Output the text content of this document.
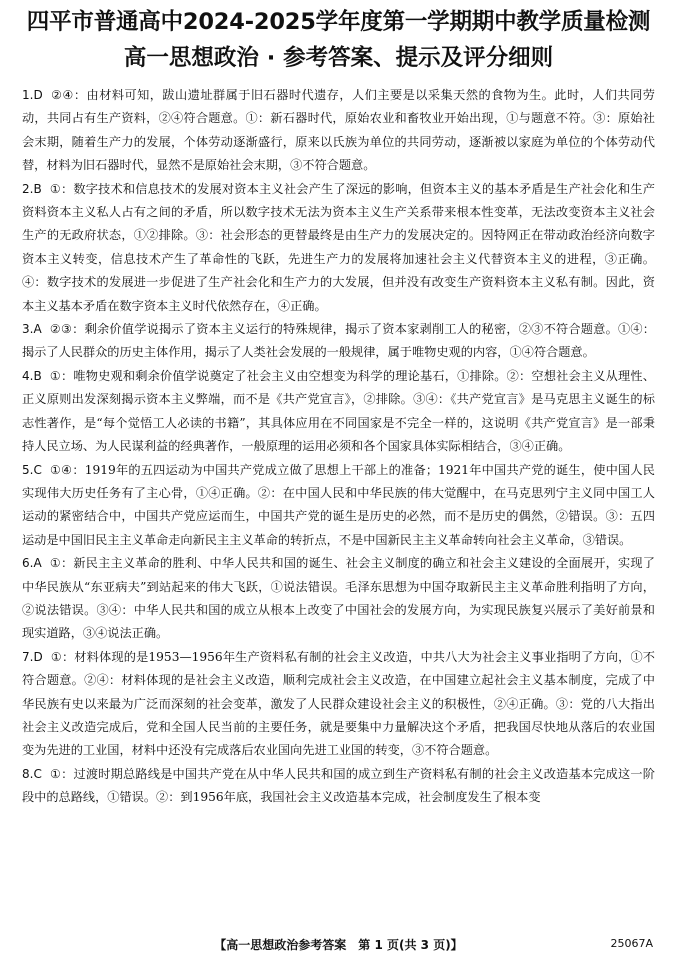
四平市普通高中2024-2025学年度第一学期期中教学质量检测
高一思想政治 · 参考答案、提示及评分细则

1.D ②④：由材料可知，跋山遗址群属于旧石器时代遗存，人们主要是以采集天然的食物为生。此时，人们共同劳动，共同占有生产资料，②④符合题意。①：新石器时代，原始农业和畜牧业开始出现，①与题意不符。③：原始社会末期，随着生产力的发展，个体劳动逐渐盛行，原来以氏族为单位的共同劳动，逐渐被以家庭为单位的个体劳动代替，材料为旧石器时代，显然不是原始社会末期，③不符合题意。

2.B ①：数字技术和信息技术的发展对资本主义社会产生了深远的影响，但资本主义的基本矛盾是生产社会化和生产资料资本主义私人占有之间的矛盾，所以数字技术无法为资本主义生产关系带来根本性变革，无法改变资本主义社会生产的无政府状态，①②排除。③：社会形态的更替最终是由生产力的发展决定的。因特网正在带动政治经济向数字资本主义转变，信息技术产生了革命性的飞跃，先进生产力的发展将加速社会主义代替资本主义的进程，③正确。④：数字技术的发展进一步促进了生产社会化和生产力的大发展，但并没有改变生产资料资本主义私有制。因此，资本主义基本矛盾在数字资本主义时代依然存在，④正确。

3.A ②③：剩余价值学说揭示了资本主义运行的特殊规律，揭示了资本家剥削工人的秘密，②③不符合题意。①④：揭示了人民群众的历史主体作用，揭示了人类社会发展的一般规律，属于唯物史观的内容，①④符合题意。

4.B ①：唯物史观和剩余价值学说奠定了社会主义由空想变为科学的理论基石，①排除。②：空想社会主义从理性、正义原则出发深刻揭示资本主义弊端，而不是《共产党宣言》，②排除。③④：《共产党宣言》是马克思主义诞生的标志性著作，是“每个觉悟工人必读的书籍”，其具体应用在不同国家是不完全一样的，这说明《共产党宣言》是一部秉持人民立场、为人民谋利益的经典著作，一般原理的运用必须和各个国家具体实际相结合，③④正确。

5.C ①④：1919年的五四运动为中国共产党成立做了思想上干部上的准备；1921年中国共产党的诞生，使中国人民实现伟大历史任务有了主心骨，①④正确。②：在中国人民和中华民族的伟大觉醒中，在马克思列宁主义同中国工人运动的紧密结合中，中国共产党应运而生，中国共产党的诞生是历史的必然，而不是历史的偶然，②错误。③：五四运动是中国旧民主主义革命走向新民主主义革命的转折点，不是中国新民主主义革命转向社会主义革命，③错误。

6.A ①：新民主主义革命的胜利、中华人民共和国的诞生、社会主义制度的确立和社会主义建设的全面展开，实现了中华民族从“东亚病夫”到站起来的伟大飞跃，①说法错误。毛泽东思想为中国夺取新民主主义革命胜利指明了方向，②说法错误。③④：中华人民共和国的成立从根本上改变了中国社会的发展方向，为实现民族复兴展示了美好前景和现实道路，③④说法正确。

7.D ①：材料体现的是1953—1956年生产资料私有制的社会主义改造，中共八大为社会主义事业指明了方向，①不符合题意。②④：材料体现的是社会主义改造，顺利完成社会主义改造，在中国建立起社会主义基本制度，完成了中华民族有史以来最为广泛而深刻的社会变革，激发了人民群众建设社会主义的积极性，②④正确。③：党的八大指出社会主义改造完成后，党和全国人民当前的主要任务，就是要集中力量解决这个矛盾，把我国尽快地从落后的农业国变为先进的工业国，材料中还没有完成落后农业国向先进工业国的转变，③不符合题意。

8.C ①：过渡时期总路线是中国共产党在从中华人民共和国的成立到生产资料私有制的社会主义改造基本完成这一阶段中的总路线，①错误。②：到1956年底，我国社会主义改造基本完成，社会制度发生了根本变

【高一思想政治参考答案　第 1 页(共 3 页)】	25067A
